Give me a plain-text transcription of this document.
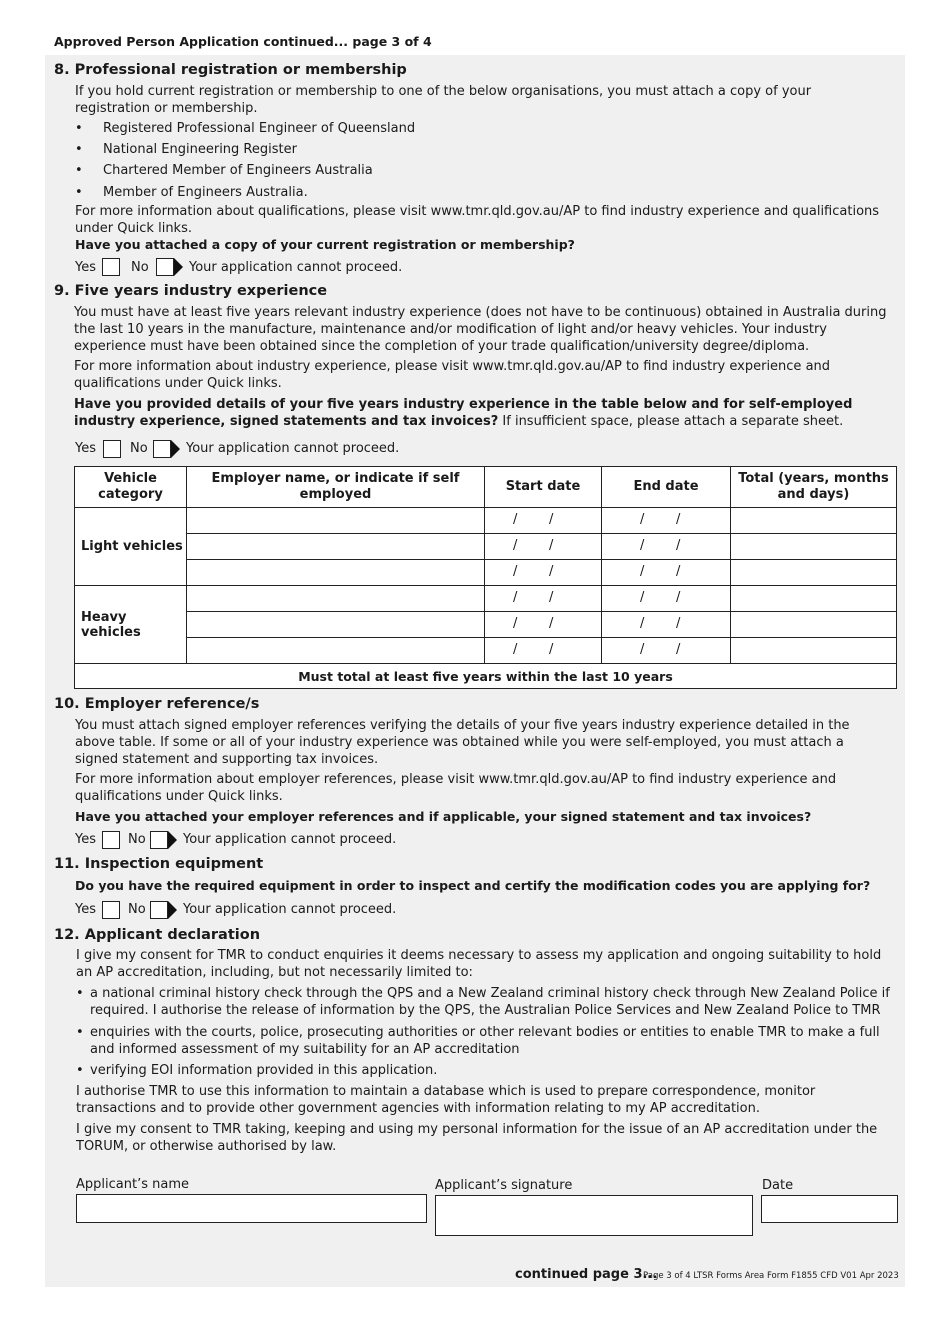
Approved Person Application continued... page 3 of 4
8. Professional registration or membership
If you hold current registration or membership to one of the below organisations, you must attach a copy of your registration or membership.
• Registered Professional Engineer of Queensland
• National Engineering Register
• Chartered Member of Engineers Australia
• Member of Engineers Australia.
For more information about qualifications, please visit www.tmr.qld.gov.au/AP to find industry experience and qualifications under Quick links.
Have you attached a copy of your current registration or membership?
Yes	No	Your application cannot proceed.
9. Five years industry experience
You must have at least five years relevant industry experience (does not have to be continuous) obtained in Australia during the last 10 years in the manufacture, maintenance and/or modification of light and/or heavy vehicles. Your industry experience must have been obtained since the completion of your trade qualification/university degree/diploma.
For more information about industry experience, please visit www.tmr.qld.gov.au/AP to find industry experience and qualifications under Quick links.
Have you provided details of your five years industry experience in the table below and for self-employed industry experience, signed statements and tax invoices? If insufficient space, please attach a separate sheet.
Yes	No	Your application cannot proceed.
Vehicle category	Employer name, or indicate if self employed	Start date	End date	Total (years, months and days)
Light vehicles		/ /	/ /	

		/ /	/ /	

		/ /	/ /	

Heavy vehicles		/ /	/ /	

		/ /	/ /	

		/ /	/ /	

Must total at least five years within the last 10 years				
10. Employer reference/s
You must attach signed employer references verifying the details of your five years industry experience detailed in the above table. If some or all of your industry experience was obtained while you were self-employed, you must attach a signed statement and supporting tax invoices.
For more information about employer references, please visit www.tmr.qld.gov.au/AP to find industry experience and qualifications under Quick links.
Have you attached your employer references and if applicable, your signed statement and tax invoices?
Yes No	Your application cannot proceed.
11. Inspection equipment
Do you have the required equipment in order to inspect and certify the modification codes you are applying for?
Yes No	Your application cannot proceed.
12. Applicant declaration
I give my consent for TMR to conduct enquiries it deems necessary to assess my application and ongoing suitability to hold an AP accreditation, including, but not necessarily limited to:
• a national criminal history check through the QPS and a New Zealand criminal history check through New Zealand Police if required. I authorise the release of information by the QPS, the Australian Police Services and New Zealand Police to TMR
• enquiries with the courts, police, prosecuting authorities or other relevant bodies or entities to enable TMR to make a full and informed assessment of my suitability for an AP accreditation
• verifying EOI information provided in this application.
I authorise TMR to use this information to maintain a database which is used to prepare correspondence, monitor transactions and to provide other government agencies with information relating to my AP accreditation.
I give my consent to TMR taking, keeping and using my personal information for the issue of an AP accreditation under the TORUM, or otherwise authorised by law.
Applicant’s name	Applicant’s signature	Date
continued page 3...
Page 3 of 4 LTSR Forms Area Form F1855 CFD V01 Apr 2023
